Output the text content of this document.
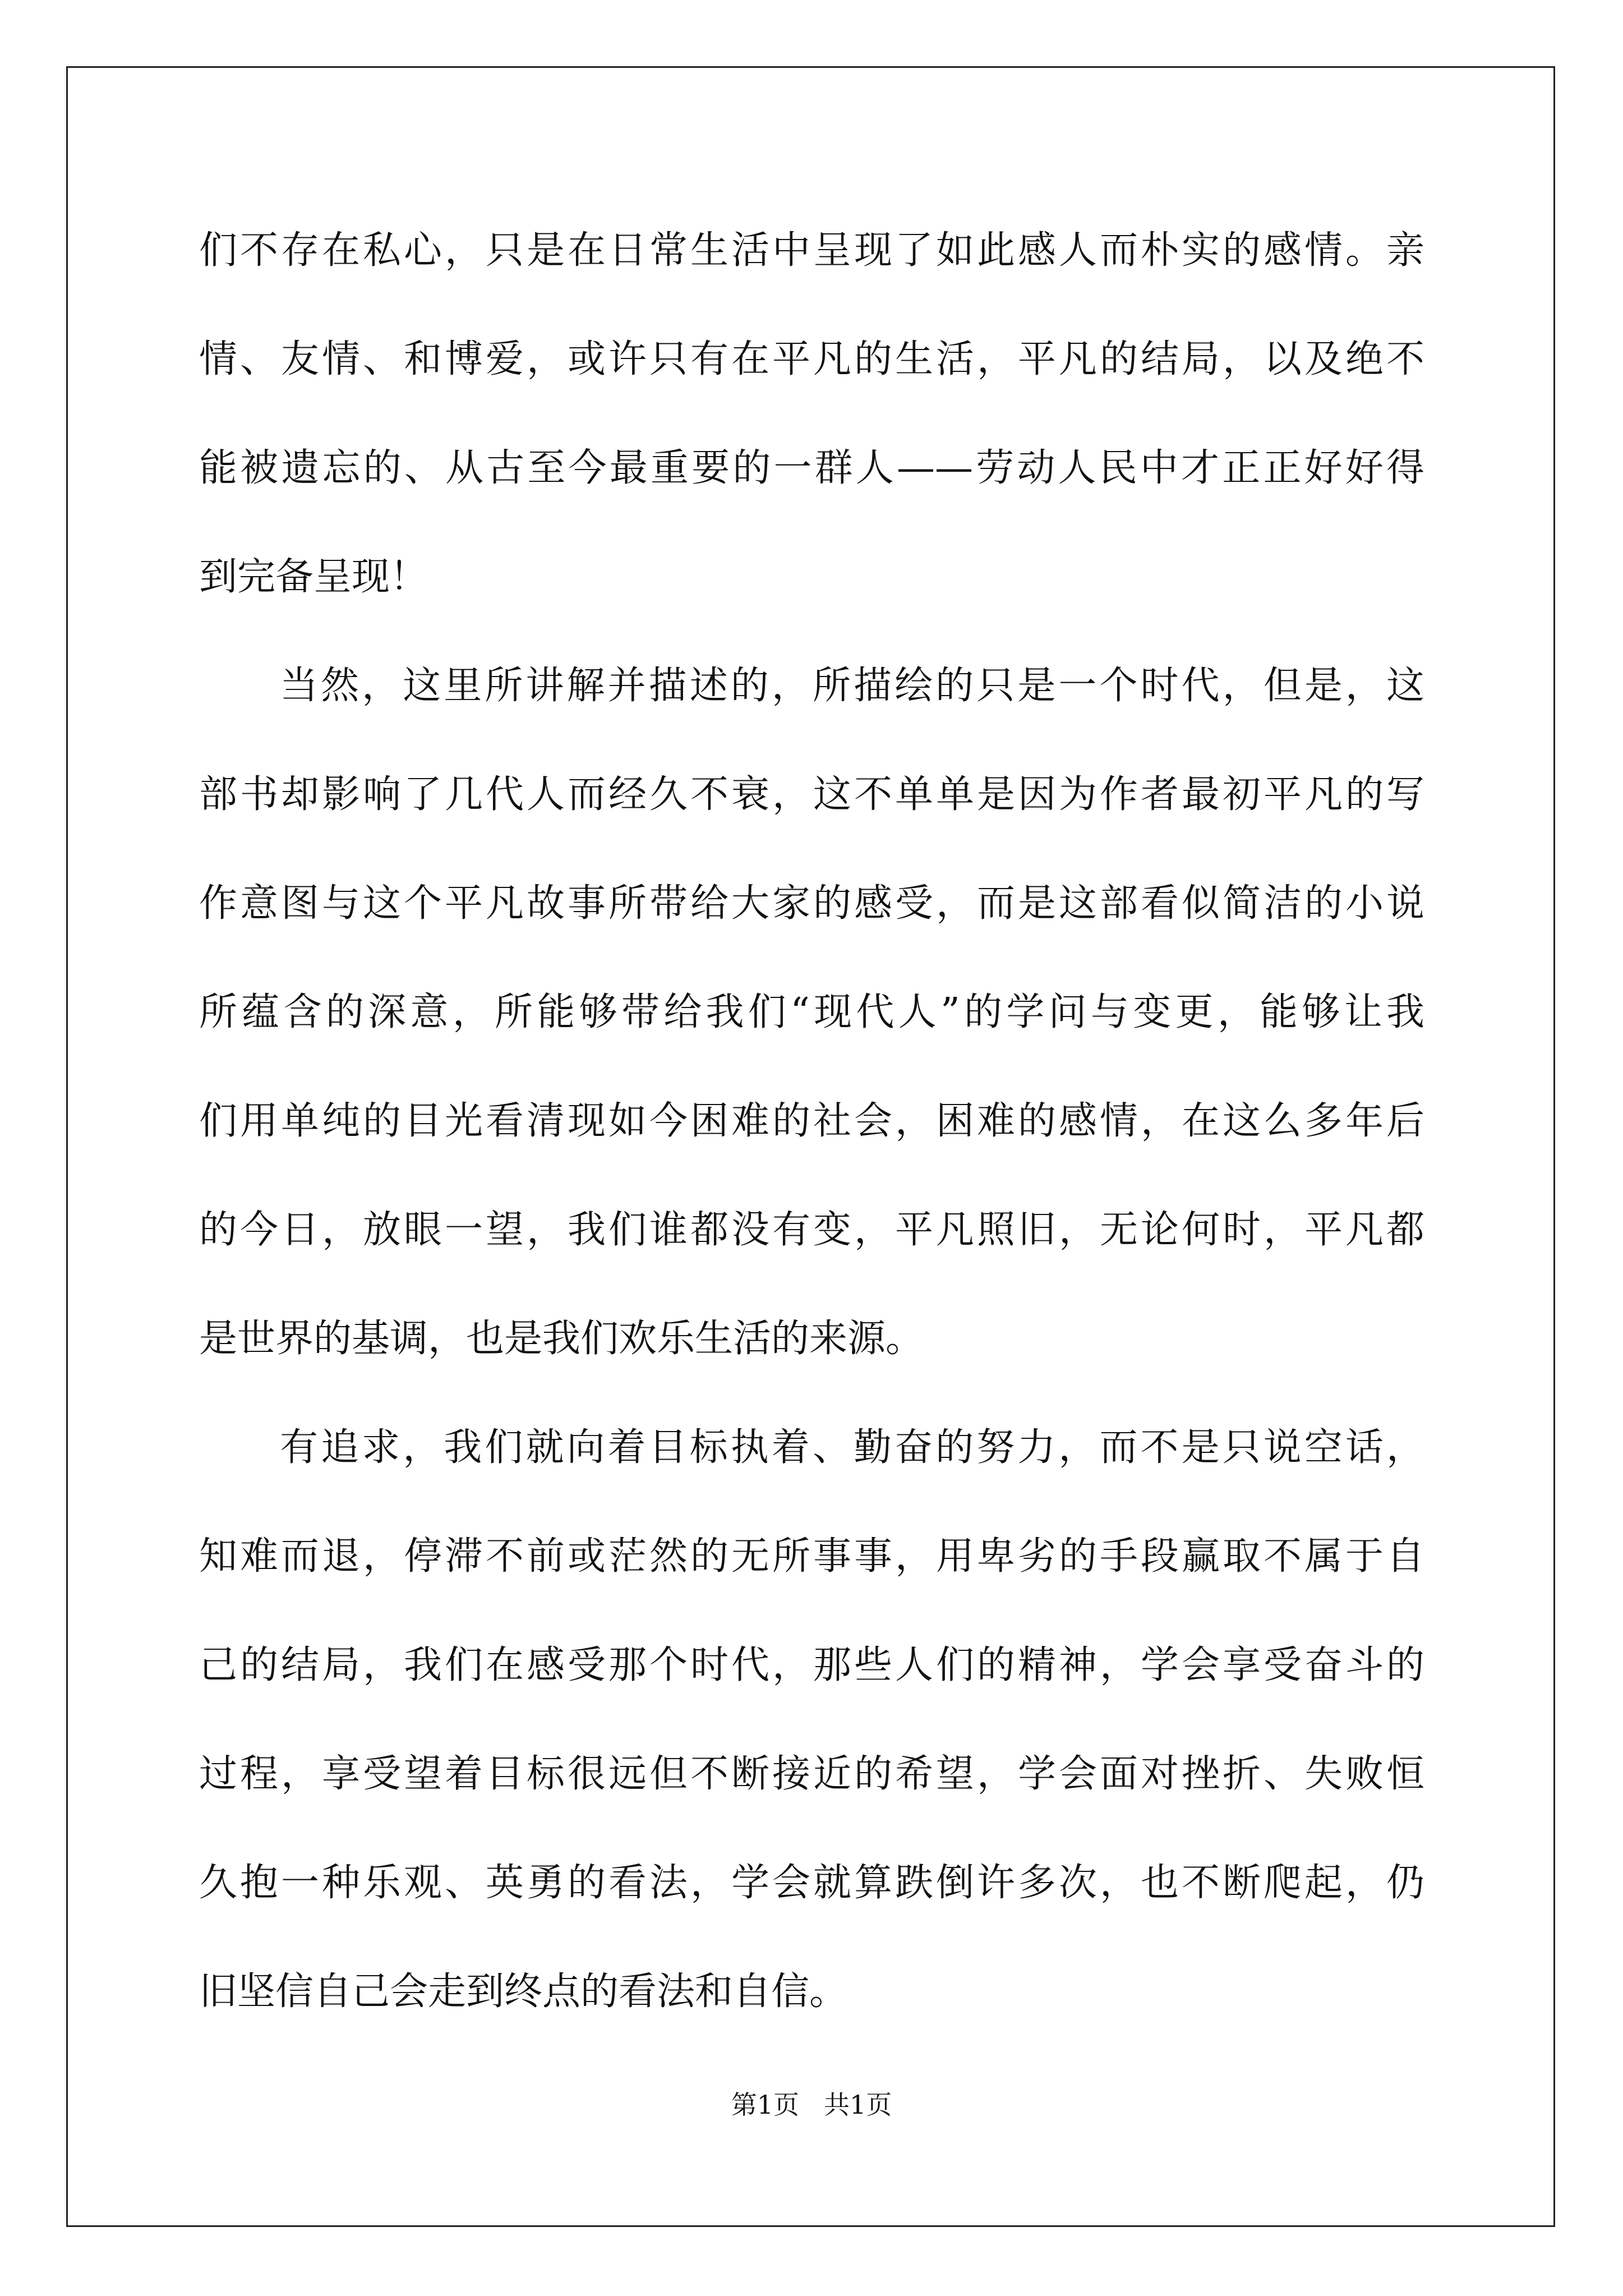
们不存在私心，只是在日常生活中呈现了如此感人而朴实的感情。亲
情、友情、和博爱，或许只有在平凡的生活，平凡的结局，以及绝不
能被遗忘的、从古至今最重要的一群人——劳动人民中才正正好好得
到完备呈现！
当然，这里所讲解并描述的，所描绘的只是一个时代，但是，这
部书却影响了几代人而经久不衰，这不单单是因为作者最初平凡的写
作意图与这个平凡故事所带给大家的感受，而是这部看似简洁的小说
所蕴含的深意，所能够带给我们“现代人”的学问与变更，能够让我
们用单纯的目光看清现如今困难的社会，困难的感情，在这么多年后
的今日，放眼一望，我们谁都没有变，平凡照旧，无论何时，平凡都
是世界的基调，也是我们欢乐生活的来源。
有追求，我们就向着目标执着、勤奋的努力，而不是只说空话，
知难而退，停滞不前或茫然的无所事事，用卑劣的手段赢取不属于自
己的结局，我们在感受那个时代，那些人们的精神，学会享受奋斗的
过程，享受望着目标很远但不断接近的希望，学会面对挫折、失败恒
久抱一种乐观、英勇的看法，学会就算跌倒许多次，也不断爬起，仍
旧坚信自己会走到终点的看法和自信。
第1页 共1页
